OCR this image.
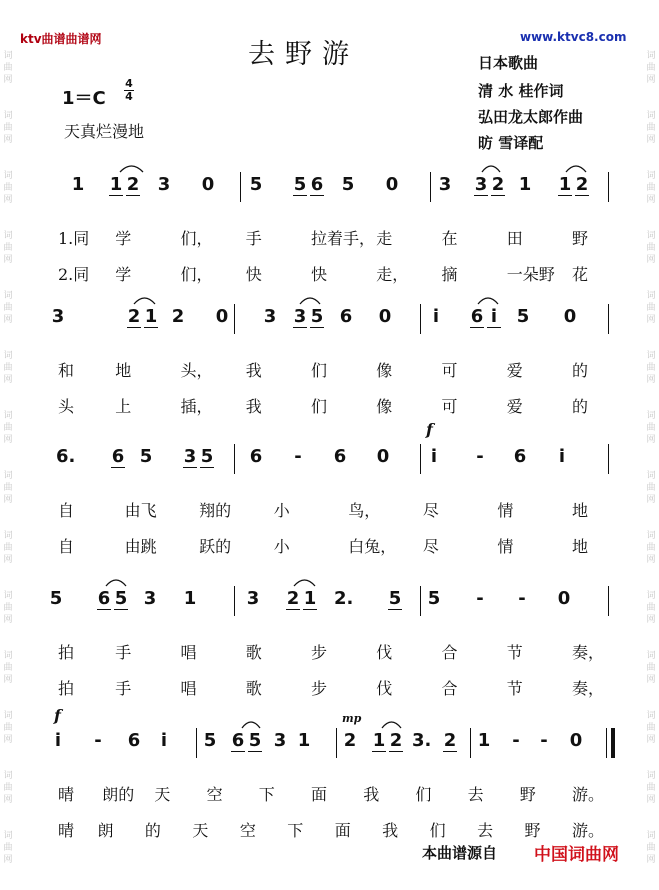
ktv曲谱曲谱网	www.ktvc8.com
词
曲
网
词
曲
网
词
曲
网
词
曲
网
词
曲
网
词
曲
网
词
曲
网
词
曲
网
词
曲
网
词
曲
网
词
曲
网
词
曲
网
词
曲
网
词
曲
网
词
曲
网
词
曲
网
词
曲
网
词
曲
网
词
曲
网
词
曲
网
词
曲
网
词
曲
网
词
曲
网
词
曲
网
词
曲
网
词
曲
网
词
曲
网
词
曲
网
去野游	日本歌曲
清 水 桂作词
弘田龙太郎作曲
昉 雪译配
1＝C
4
4
天真烂漫地
1 1 2 3 0 5 5 6 5 0 3 3 2 1 1 2
1.同 学	们， 手	拉着手， 走	在	田	野
2.同 学	们， 快	快	走， 摘	一朵野 花
3	2 1 2 0 3 3 5 6 0 i 6 i 5 0
和	地	头， 我	们	像	可	爱	的
头	上	插， 我	们	像	可	爱	的
6. 6 5 3 5 6 - 6 0 i - 6 i
f
自	由飞	翔的	小	鸟，	尽	情	地
自	由跳	跃的	小	白兔， 尽	情	地
5 6 5 3 1	3 2 1 2. 5 5 - - 0
拍	手	唱	歌	步	伐	合	节	奏，
拍	手	唱	歌	步	伐	合	节	奏，
i - 6 i 5 6 5 3 1 2 1 2 3. 2 1 - - 0
f	mp
晴 朗的 天 空 下 面 我 们 去 野 游。
晴 朗 的 天 空 下 面 我 们 去 野 游。
本曲谱源自 中国词曲网
